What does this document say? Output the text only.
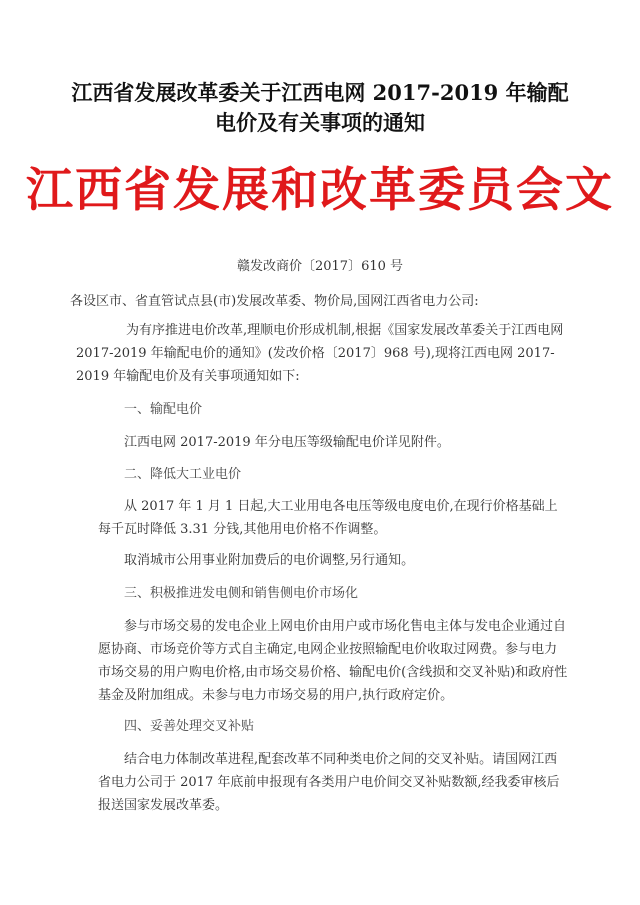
江西省发展改革委关于江西电网 2017-2019 年输配
电价及有关事项的通知
江西省发展和改革委员会文
赣发改商价〔2017〕610 号

各设区市、省直管试点县(市)发展改革委、物价局,国网江西省电力公司:

为有序推进电价改革,理顺电价形成机制,根据《国家发展改革委关于江西电网 2017-2019 年输配电价的通知》(发改价格〔2017〕968 号),现将江西电网 2017-2019 年输配电价及有关事项通知如下:

一、输配电价

江西电网 2017-2019 年分电压等级输配电价详见附件。

二、降低大工业电价

从 2017 年 1 月 1 日起,大工业用电各电压等级电度电价,在现行价格基础上每千瓦时降低 3.31 分钱,其他用电价格不作调整。

取消城市公用事业附加费后的电价调整,另行通知。

三、积极推进发电侧和销售侧电价市场化

参与市场交易的发电企业上网电价由用户或市场化售电主体与发电企业通过自愿协商、市场竞价等方式自主确定,电网企业按照输配电价收取过网费。参与电力市场交易的用户购电价格,由市场交易价格、输配电价(含线损和交叉补贴)和政府性基金及附加组成。未参与电力市场交易的用户,执行政府定价。

四、妥善处理交叉补贴

结合电力体制改革进程,配套改革不同种类电价之间的交叉补贴。请国网江西省电力公司于 2017 年底前申报现有各类用户电价间交叉补贴数额,经我委审核后报送国家发展改革委。
